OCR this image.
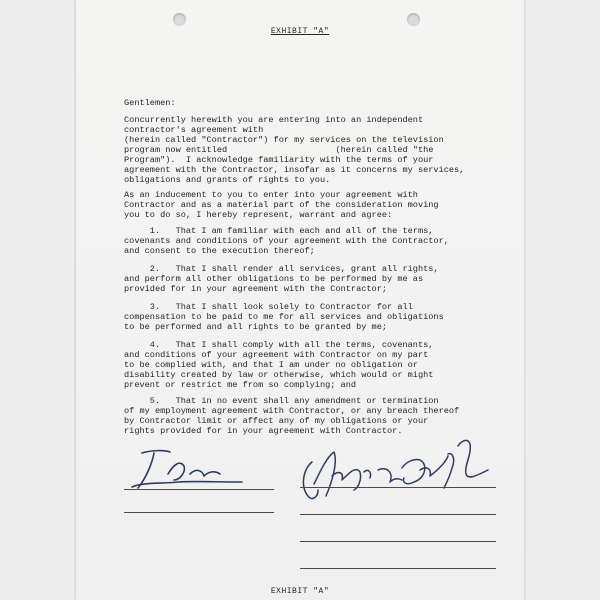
EXHIBIT "A"
Gentlemen:
Concurrently herewith you are entering into an independent
contractor's agreement with
(herein called "Contractor") for my services on the television
program now entitled                     (herein called "the
Program").  I acknowledge familiarity with the terms of your
agreement with the Contractor, insofar as it concerns my services,
obligations and grants of rights to you.
As an inducement to you to enter into your agreement with
Contractor and as a material part of the consideration moving
you to do so, I hereby represent, warrant and agree:
1.   That I am familiar with each and all of the terms,
covenants and conditions of your agreement with the Contractor,
and consent to the execution thereof;
2.   That I shall render all services, grant all rights,
and perform all other obligations to be performed by me as
provided for in your agreement with the Contractor;
3.   That I shall look solely to Contractor for all
compensation to be paid to me for all services and obligations
to be performed and all rights to be granted by me;
4.   That I shall comply with all the terms, covenants,
and conditions of your agreement with Contractor on my part
to be complied with, and that I am under no obligation or
disability created by law or otherwise, which would or might
prevent or restrict me from so complying; and
5.   That in no event shall any amendment or termination
of my employment agreement with Contractor, or any breach thereof
by Contractor limit or affect any of my obligations or your
rights provided for in your agreement with Contractor.
EXHIBIT "A"
